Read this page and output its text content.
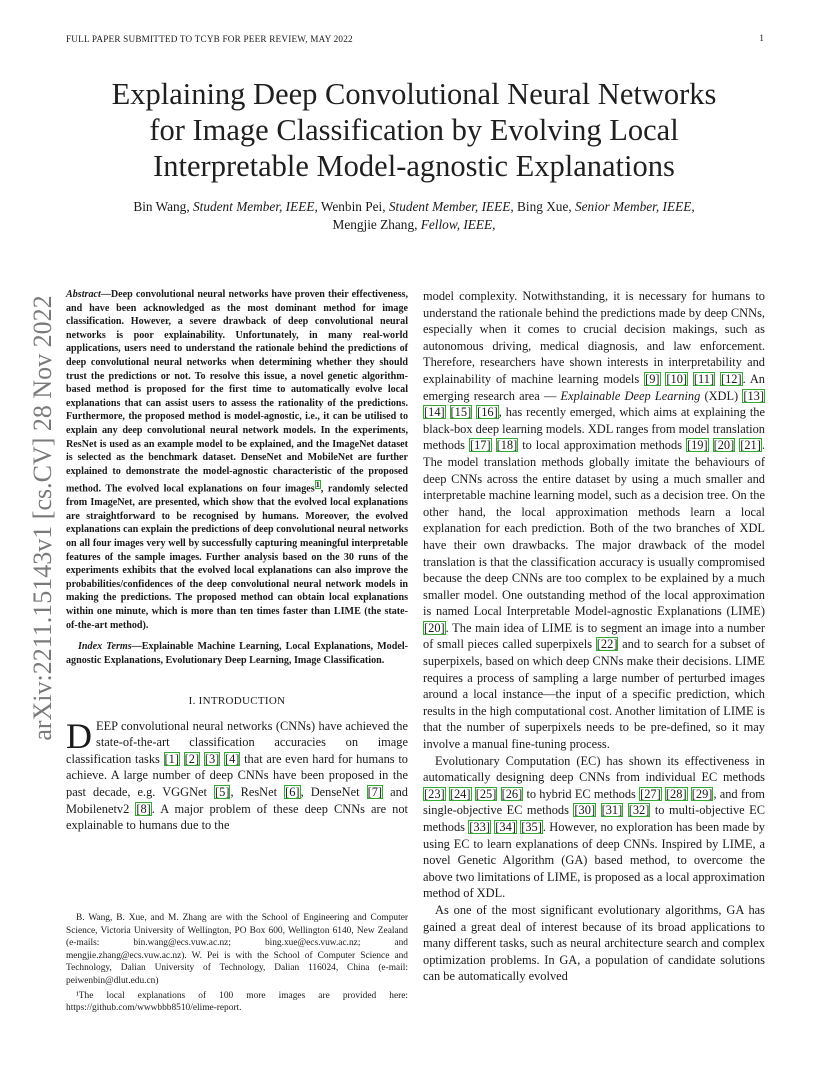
FULL PAPER SUBMITTED TO TCYB FOR PEER REVIEW, MAY 2022	1
Explaining Deep Convolutional Neural Networks
for Image Classification by Evolving Local
Interpretable Model-agnostic Explanations
Bin Wang, Student Member, IEEE, Wenbin Pei, Student Member, IEEE, Bing Xue, Senior Member, IEEE,
Mengjie Zhang, Fellow, IEEE,
arXiv:2211.15143v1 [cs.CV] 28 Nov 2022

Abstract—Deep convolutional neural networks have proven their effectiveness, and have been acknowledged as the most dominant method for image classification. However, a severe drawback of deep convolutional neural networks is poor explainability. Unfortunately, in many real-world applications, users need to understand the rationale behind the predictions of deep convolutional neural networks when determining whether they should trust the predictions or not. To resolve this issue, a novel genetic algorithm-based method is proposed for the first time to automatically evolve local explanations that can assist users to assess the rationality of the predictions. Furthermore, the proposed method is model-agnostic, i.e., it can be utilised to explain any deep convolutional neural network models. In the experiments, ResNet is used as an example model to be explained, and the ImageNet dataset is selected as the benchmark dataset. DenseNet and MobileNet are further explained to demonstrate the model-agnostic characteristic of the proposed method. The evolved local explanations on four images$^1$, randomly selected from ImageNet, are presented, which show that the evolved local explanations are straightforward to be recognised by humans. Moreover, the evolved explanations can explain the predictions of deep convolutional neural networks on all four images very well by successfully capturing meaningful interpretable features of the sample images. Further analysis based on the 30 runs of the experiments exhibits that the evolved local explanations can also improve the probabilities/confidences of the deep convolutional neural network models in making the predictions. The proposed method can obtain local explanations within one minute, which is more than ten times faster than LIME (the state-of-the-art method).

Index Terms—Explainable Machine Learning, Local Explanations, Model-agnostic Explanations, Evolutionary Deep Learning, Image Classification.

I. INTRODUCTION

DEEP convolutional neural networks (CNNs) have achieved the state-of-the-art classification accuracies on image classification tasks [1] [2] [3] [4] that are even hard for humans to achieve. A large number of deep CNNs have been proposed in the past decade, e.g. VGGNet [5], ResNet [6], DenseNet [7] and Mobilenetv2 [8]. A major problem of these deep CNNs are not explainable to humans due to the

B. Wang, B. Xue, and M. Zhang are with the School of Engineering and Computer Science, Victoria University of Wellington, PO Box 600, Wellington 6140, New Zealand (e-mails: bin.wang@ecs.vuw.ac.nz; bing.xue@ecs.vuw.ac.nz; and mengjie.zhang@ecs.vuw.ac.nz). W. Pei is with the School of Computer Science and Technology, Dalian University of Technology, Dalian 116024, China (e-mail: peiwenbin@dlut.edu.cn)

¹The local explanations of 100 more images are provided here: https://github.com/wwwbbb8510/elime-report.

model complexity. Notwithstanding, it is necessary for humans to understand the rationale behind the predictions made by deep CNNs, especially when it comes to crucial decision makings, such as autonomous driving, medical diagnosis, and law enforcement. Therefore, researchers have shown interests in interpretability and explainability of machine learning models [9] [10] [11] [12]. An emerging research area — Explainable Deep Learning (XDL) [13] [14] [15] [16], has recently emerged, which aims at explaining the black-box deep learning models. XDL ranges from model translation methods [17] [18] to local approximation methods [19] [20] [21]. The model translation methods globally imitate the behaviours of deep CNNs across the entire dataset by using a much smaller and interpretable machine learning model, such as a decision tree. On the other hand, the local approximation methods learn a local explanation for each prediction. Both of the two branches of XDL have their own drawbacks. The major drawback of the model translation is that the classification accuracy is usually compromised because the deep CNNs are too complex to be explained by a much smaller model. One outstanding method of the local approximation is named Local Interpretable Model-agnostic Explanations (LIME) [20]. The main idea of LIME is to segment an image into a number of small pieces called superpixels [22] and to search for a subset of superpixels, based on which deep CNNs make their decisions. LIME requires a process of sampling a large number of perturbed images around a local instance—the input of a specific prediction, which results in the high computational cost. Another limitation of LIME is that the number of superpixels needs to be pre-defined, so it may involve a manual fine-tuning process.

Evolutionary Computation (EC) has shown its effectiveness in automatically designing deep CNNs from individual EC methods [23] [24] [25] [26] to hybrid EC methods [27] [28] [29], and from single-objective EC methods [30] [31] [32] to multi-objective EC methods [33] [34] [35]. However, no exploration has been made by using EC to learn explanations of deep CNNs. Inspired by LIME, a novel Genetic Algorithm (GA) based method, to overcome the above two limitations of LIME, is proposed as a local approximation method of XDL.

As one of the most significant evolutionary algorithms, GA has gained a great deal of interest because of its broad applications to many different tasks, such as neural architecture search and complex optimization problems. In GA, a population of candidate solutions can be automatically evolved
